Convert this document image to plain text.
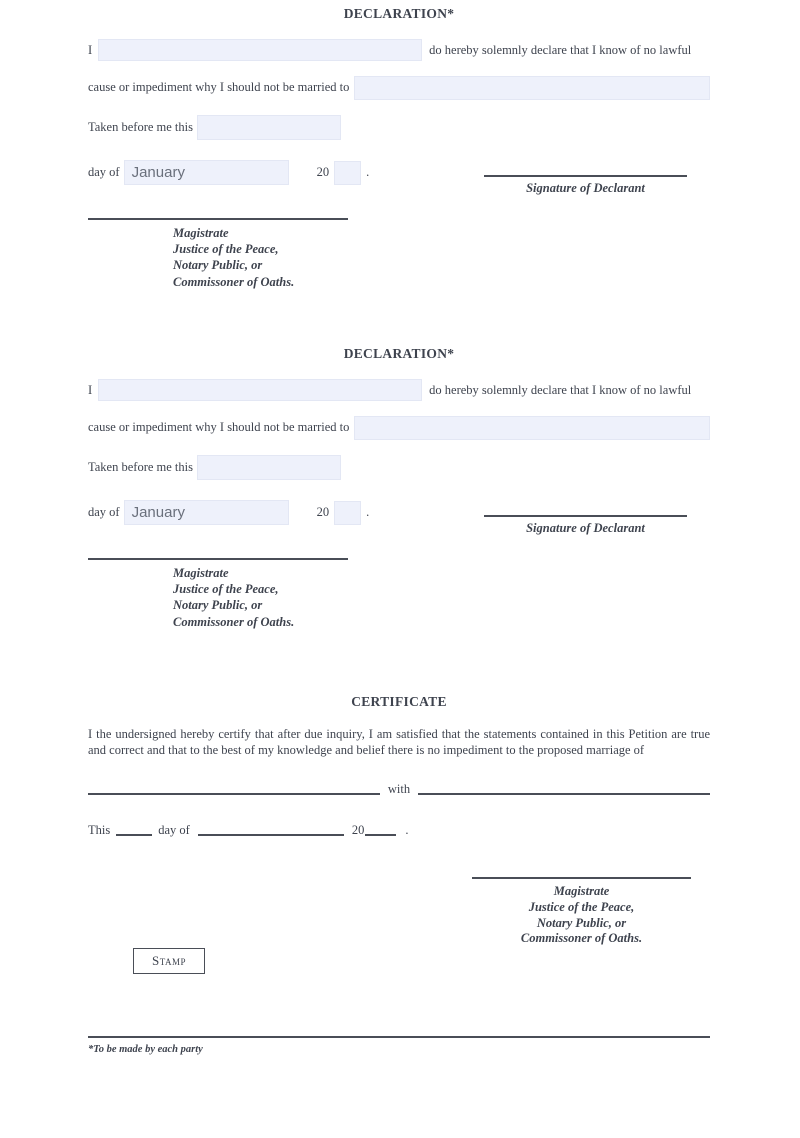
DECLARATION*
I	do hereby solemnly declare that I know of no lawful
cause or impediment why I should not be married to
Taken before me this
day of January	20	.
Signature of Declarant
Magistrate
Justice of the Peace,
Notary Public, or
Commissoner of Oaths.
DECLARATION*
I	do hereby solemnly declare that I know of no lawful
cause or impediment why I should not be married to
Taken before me this
day of January	20	.
Signature of Declarant
Magistrate
Justice of the Peace,
Notary Public, or
Commissoner of Oaths.
CERTIFICATE
I the undersigned hereby certify that after due inquiry, I am satisfied that the statements contained in this Petition are true and correct and that to the best of my knowledge and belief there is no impediment to the proposed marriage of
with
This	day of	20	.
Stamp
Magistrate
Justice of the Peace,
Notary Public, or
Commissoner of Oaths.
*To be made by each party
